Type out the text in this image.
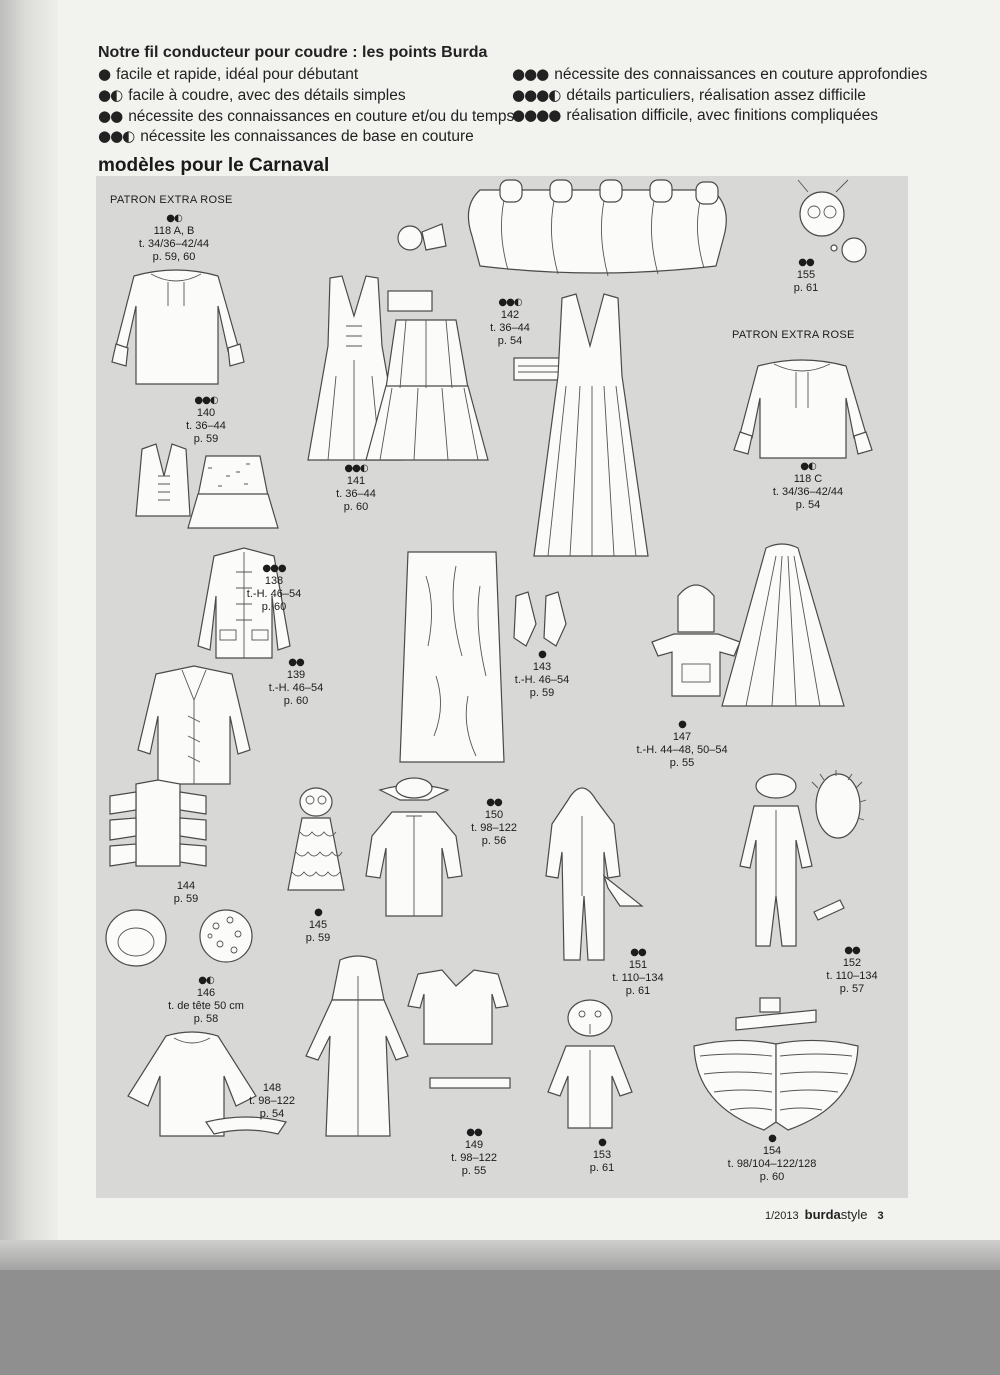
Notre fil conducteur pour coudre : les points Burda
● facile et rapide, idéal pour débutant
●◐ facile à coudre, avec des détails simples
●● nécessite des connaissances en couture et/ou du temps
●●◐ nécessite les connaissances de base en couture
●●● nécessite des connaissances en couture approfondies
●●●◐ détails particuliers, réalisation assez difficile
●●●● réalisation difficile, avec finitions compliquées
modèles pour le Carnaval
PATRON EXTRA ROSE
PATRON EXTRA ROSE
●◐
118 A, B
t. 34/36–42/44
p. 59, 60
●●◐
140
t. 36–44
p. 59
●●◐
141
t. 36–44
p. 60
●●◐
142
t. 36–44
p. 54
●●
155
p. 61
●◐
118 C
t. 34/36–42/44
p. 54
●●●
138
t.-H. 46–54
p. 60
●●
139
t.-H. 46–54
p. 60
●
143
t.-H. 46–54
p. 59
●
147
t.-H. 44–48, 50–54
p. 55
144
p. 59
●
145
p. 59
●●
150
t. 98–122
p. 56
●●
151
t. 110–134
p. 61
●●
152
t. 110–134
p. 57
●◐
146
t. de tête 50 cm
p. 58
148
t. 98–122
p. 54
●●
149
t. 98–122
p. 55
●
153
p. 61
●
154
t. 98/104–122/128
p. 60
1/2013 burdastyle 3
